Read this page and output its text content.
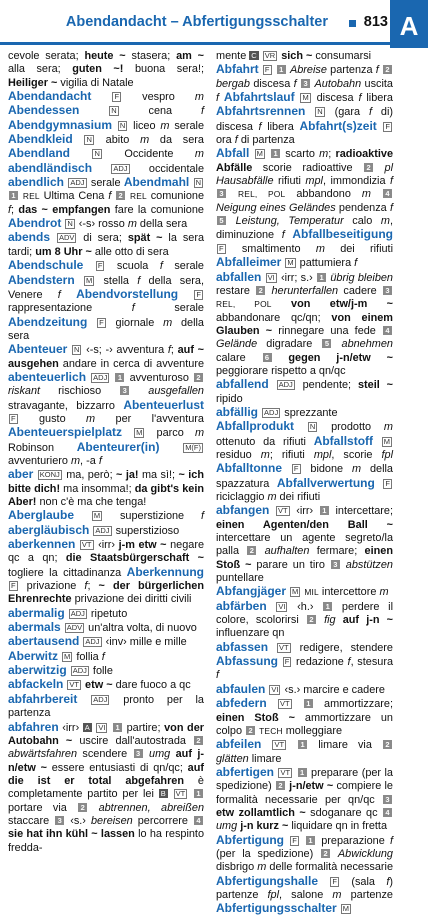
Abendandacht – Abfertigungsschalter 813 A

cevole serata; heute ~ stasera; am ~ alla sera; guten ~! buona sera!; Heiliger ~ vigilia di Natale

Abendandacht	F vespro m Abendessen	N cena f Abendgymnasium N liceo m serale Abendkleid N abito m da sera Abendland	N Occidente m abendländisch	ADJ occidentale abendlich ADJ serale Abendmahl N 1 REL Ultima Cena f 2 REL comunione f; das ~ empfangen fare la comunione Abendrot N ‹-s› rosso m della sera

abends ADV di sera; spät ~ la sera tardi; um 8 Uhr ~ alle otto di sera

Abendschule F scuola f serale Abendstern M stella f della sera, Venere f Abendvorstellung F rappresentazione f serale Abendzeitung F giornale m della sera

Abenteuer N ‹-s; -› avventura f; auf ~ ausgehen andare in cerca di avventure abenteuerlich ADJ 1 avventuroso 2 riskant rischioso 3 ausgefallen stravagante, bizzarro Abenteuerlust F gusto m per l'avventura Abenteuerspielplatz M parco m Robinson Abenteurer(in)	M(F) avventuriero m, -a f

aber KONJ ma, però; ~ ja! ma sì!; ~ ich bitte dich! ma insomma!; da gibt's kein Aber! non c'è ma che tenga!

Aberglaube	M superstizione f abergläubisch ADJ superstizioso

aberkennen VT ‹irr› j-m etw ~ negare qc a qn; die Staatsbürgerschaft ~ togliere la cittadinanza Aberkennung F privazione f; ~ der bürgerlichen Ehrenrechte privazione dei diritti civili

abermalig ADJ ripetuto

abermals ADV un'altra volta, di nuovo

abertausend ADJ ‹inv› mille e mille

Aberwitz M follia f

aberwitzig ADJ folle

abfackeln VT etw ~ dare fuoco a qc

abfahrbereit ADJ pronto per la partenza

abfahren ‹irr› A VI 1 partire; von der Autobahn ~ uscire dall'autostrada 2 abwärtsfahren scendere 3 umg auf j-n/etw ~ essere entusiasti di qn/qc; auf die ist er total abgefahren è completamente partito per lei B VT 1 portare via 2 abtrennen, abreißen staccare 3 ‹s.› bereisen percorrere 4 sie hat ihn kühl ~ lassen lo ha respinto fredda-

mente C VR sich ~ consumarsi

Abfahrt F 1 Abreise partenza f 2 bergab discesa f 3 Autobahn uscita f Abfahrtslauf M discesa f libera Abfahrtsrennen N (gara f di) discesa f libera Abfahrt(s)zeit F ora f di partenza

Abfall M 1 scarto m; radioaktive Abfälle scorie radioattive 2 pl Hausabfälle rifiuti mpl, immondizia f 3 REL, POL abbandono m 4 Neigung eines Geländes pendenza f 5 Leistung, Temperatur calo m, diminuzione f Abfallbeseitigung F smaltimento m dei rifiuti Abfalleimer M pattumiera f

abfallen VI ‹irr; s.› 1 übrig bleiben restare 2 herunterfallen cadere 3 REL, POL von etw/j-m ~ abbandonare qc/qn; von einem Glauben ~ rinnegare una fede 4 Gelände digradare 5 abnehmen calare 6 gegen j-n/etw ~ peggiorare rispetto a qn/qc

abfallend ADJ pendente; steil ~ ripido

abfällig ADJ sprezzante

Abfallprodukt N prodotto m ottenuto da rifiuti Abfallstoff M residuo m; rifiuti mpl, scorie fpl Abfalltonne F bidone m della spazzatura Abfallverwertung F riciclaggio m dei rifiuti

abfangen VT ‹irr› 1 intercettare; einen Agenten/den Ball ~ intercettare un agente segreto/la palla 2 aufhalten fermare; einen Stoß ~ parare un tiro 3 abstützen puntellare

Abfangjäger M MIL intercettore m

abfärben VI ‹h.› 1 perdere il colore, scolorirsi 2 fig auf j-n ~ influenzare qn

abfassen VT redigere, stendere Abfassung F redazione f, stesura f

abfaulen VI ‹s.› marcire e cadere

abfedern VT 1 ammortizzare; einen Stoß ~ ammortizzare un colpo 2 TECH molleggiare

abfeilen VT 1 limare via 2 glätten limare

abfertigen VT 1 preparare (per la spedizione) 2 j-n/etw ~ compiere le formalità necessarie per qn/qc 3 etw zollamtlich ~ sdoganare qc 4 umg j-n kurz ~ liquidare qn in fretta

Abfertigung F 1 preparazione f (per la spedizione) 2 Abwicklung disbrigo m delle formalità necessarie Abfertigungshalle F (sala f) partenze fpl, salone m partenze Abfertigungsschalter M
